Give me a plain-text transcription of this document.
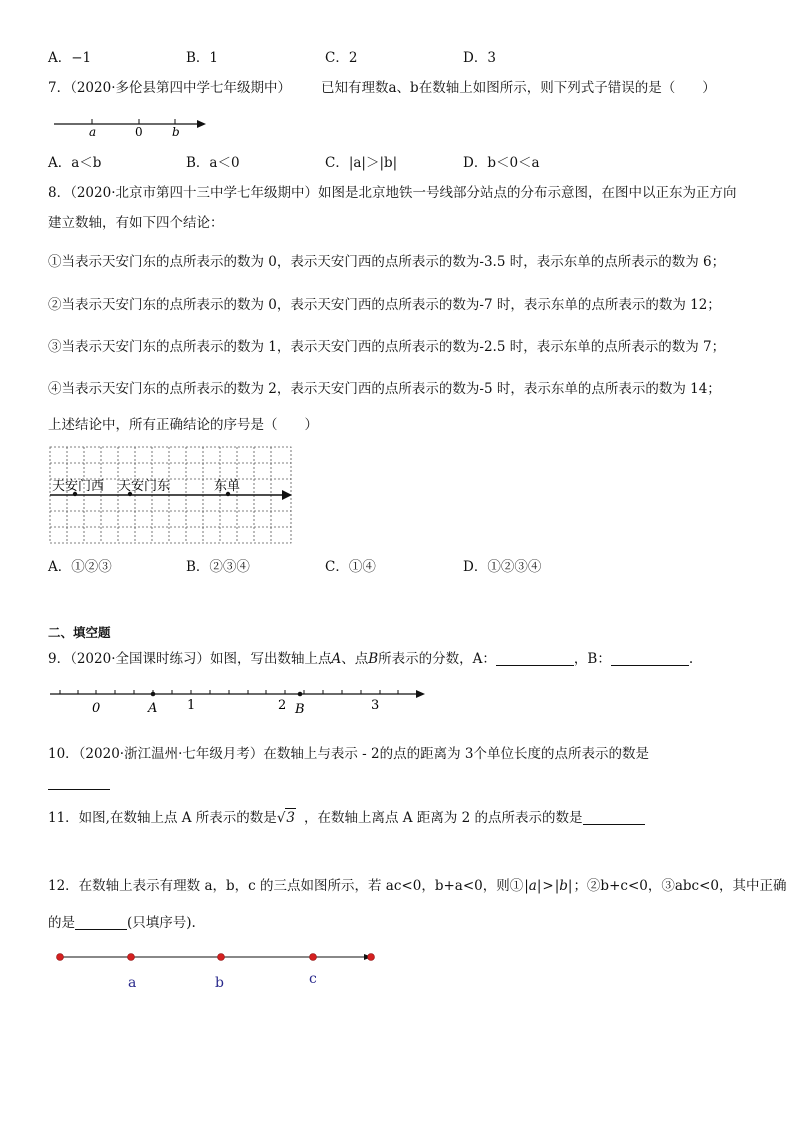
A．−1	B．1	C．2	D．3
7．（2020·多伦县第四中学七年级期中） 已知有理数a、b在数轴上如图所示，则下列式子错误的是（　　）
a	0 b
A．a＜b	B．a＜0	C．|a|＞|b|	D．b＜0＜a
8．（2020·北京市第四十三中学七年级期中）如图是北京地铁一号线部分站点的分布示意图，在图中以正东为正方向
建立数轴，有如下四个结论：
①当表示天安门东的点所表示的数为 0，表示天安门西的点所表示的数为-3.5 时，表示东单的点所表示的数为 6；
②当表示天安门东的点所表示的数为 0，表示天安门西的点所表示的数为-7 时，表示东单的点所表示的数为 12；
③当表示天安门东的点所表示的数为 1，表示天安门西的点所表示的数为-2.5 时，表示东单的点所表示的数为 7；
④当表示天安门东的点所表示的数为 2，表示天安门西的点所表示的数为-5 时，表示东单的点所表示的数为 14；
上述结论中，所有正确结论的序号是（　　）
天安门西 天安门东	东单
A．①②③	B．②③④	C．①④	D．①②③④
二、填空题
9．（2020·全国课时练习）如图，写出数轴上点A、点B所表示的分数，A：	，B：	.
0	A 1	2 B	3
10．（2020·浙江温州·七年级月考）在数轴上与表示 - 2的点的距离为 3个单位长度的点所表示的数是
11．如图,在数轴上点 A 所表示的数是√3 ，在数轴上离点 A 距离为 2 的点所表示的数是
12．在数轴上表示有理数 a，b，c 的三点如图所示，若 ac<0，b+a<0，则①|a|>|b|；②b+c<0，③abc<0，其中正确
的是	(只填序号).
a	b	c
